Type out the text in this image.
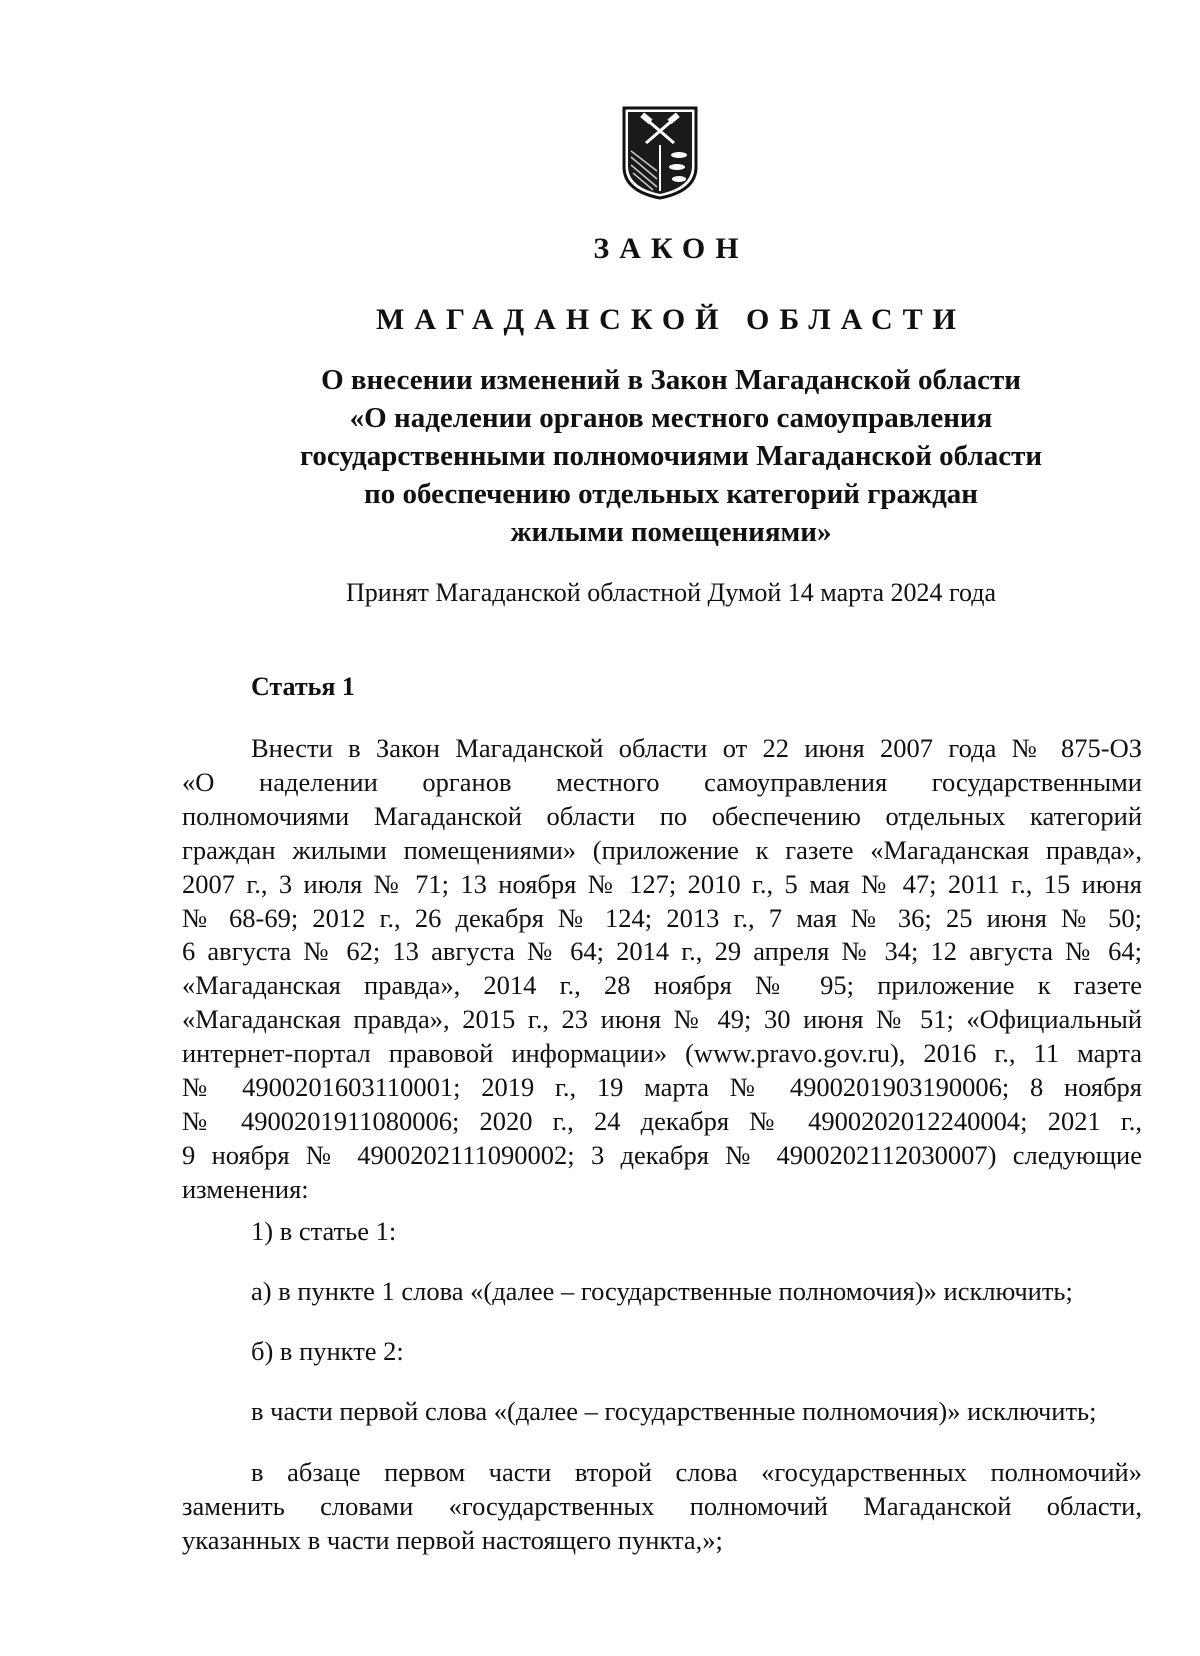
ЗАКОН
МАГАДАНСКОЙ ОБЛАСТИ
О внесении изменений в Закон Магаданской области
«О наделении органов местного самоуправления
государственными полномочиями Магаданской области
по обеспечению отдельных категорий граждан
жилыми помещениями»
Принят Магаданской областной Думой 14 марта 2024 года
Статья 1
Внести в Закон Магаданской области от 22 июня 2007 года № 875-ОЗ
«О наделении органов местного самоуправления государственными
полномочиями Магаданской области по обеспечению отдельных категорий
граждан жилыми помещениями» (приложение к газете «Магаданская правда»,
2007 г., 3 июля № 71; 13 ноября № 127; 2010 г., 5 мая № 47; 2011 г., 15 июня
№ 68-69; 2012 г., 26 декабря № 124; 2013 г., 7 мая № 36; 25 июня № 50;
6 августа № 62; 13 августа № 64; 2014 г., 29 апреля № 34; 12 августа № 64;
«Магаданская правда», 2014 г., 28 ноября № 95; приложение к газете
«Магаданская правда», 2015 г., 23 июня № 49; 30 июня № 51; «Официальный
интернет-портал правовой информации» (www.pravo.gov.ru), 2016 г., 11 марта
№ 4900201603110001; 2019 г., 19 марта № 4900201903190006; 8 ноября
№ 4900201911080006; 2020 г., 24 декабря № 4900202012240004; 2021 г.,
9 ноября № 4900202111090002; 3 декабря № 4900202112030007) следующие
изменения:
1) в статье 1:
а) в пункте 1 слова «(далее – государственные полномочия)» исключить;
б) в пункте 2:
в части первой слова «(далее – государственные полномочия)» исключить;
в абзаце первом части второй слова «государственных полномочий»
заменить словами «государственных полномочий Магаданской области,
указанных в части первой настоящего пункта,»;
